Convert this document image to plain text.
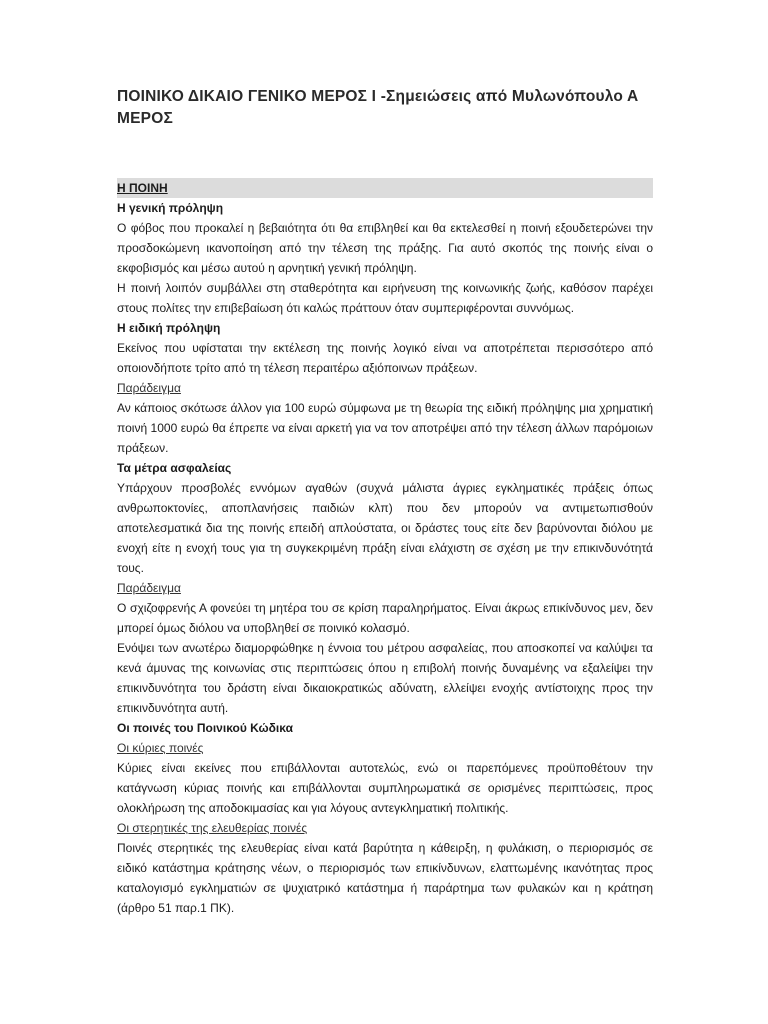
ΠΟΙΝΙΚΟ ΔΙΚΑΙΟ ΓΕΝΙΚΟ ΜΕΡΟΣ Ι -Σημειώσεις από Μυλωνόπουλο Α ΜΕΡΟΣ
Η ΠΟΙΝΗ
Η γενική πρόληψη

Ο φόβος που προκαλεί η βεβαιότητα ότι θα επιβληθεί και θα εκτελεσθεί η ποινή εξουδετερώνει την προσδοκώμενη ικανοποίηση από την τέλεση της πράξης. Για αυτό σκοπός της ποινής είναι ο εκφοβισμός και μέσω αυτού η αρνητική γενική πρόληψη.

Η ποινή λοιπόν συμβάλλει στη σταθερότητα και ειρήνευση της κοινωνικής ζωής, καθόσον παρέχει στους πολίτες την επιβεβαίωση ότι καλώς πράττουν όταν συμπεριφέρονται συννόμως.

Η ειδική πρόληψη

Εκείνος που υφίσταται την εκτέλεση της ποινής λογικό είναι να αποτρέπεται περισσότερο από οποιονδήποτε τρίτο από τη τέλεση περαιτέρω αξιόποινων πράξεων.

Παράδειγμα

Αν κάποιος σκότωσε άλλον για 100 ευρώ σύμφωνα με τη θεωρία της ειδική πρόληψης μια χρηματική ποινή 1000 ευρώ θα έπρεπε να είναι αρκετή για να τον αποτρέψει από την τέλεση άλλων παρόμοιων πράξεων.

Τα μέτρα ασφαλείας

Υπάρχουν προσβολές εννόμων αγαθών (συχνά μάλιστα άγριες εγκληματικές πράξεις όπως ανθρωποκτονίες, αποπλανήσεις παιδιών κλπ) που δεν μπορούν να αντιμετωπισθούν αποτελεσματικά δια της ποινής επειδή απλούστατα, οι δράστες τους είτε δεν βαρύνονται διόλου με ενοχή είτε η ενοχή τους για τη συγκεκριμένη πράξη είναι ελάχιστη σε σχέση με την επικινδυνότητά τους.

Παράδειγμα

Ο σχιζοφρενής Α φονεύει τη μητέρα του σε κρίση παραληρήματος. Είναι άκρως επικίνδυνος μεν, δεν μπορεί όμως διόλου να υποβληθεί σε ποινικό κολασμό.

Ενόψει των ανωτέρω διαμορφώθηκε η έννοια του μέτρου ασφαλείας, που αποσκοπεί να καλύψει τα κενά άμυνας της κοινωνίας στις περιπτώσεις όπου η επιβολή ποινής δυναμένης να εξαλείψει την επικινδυνότητα του δράστη είναι δικαιοκρατικώς αδύνατη, ελλείψει ενοχής αντίστοιχης προς την επικινδυνότητα αυτή.

Οι ποινές του Ποινικού Κώδικα
Οι κύριες ποινές

Κύριες είναι εκείνες που επιβάλλονται αυτοτελώς, ενώ οι παρεπόμενες προϋποθέτουν την κατάγνωση κύριας ποινής και επιβάλλονται συμπληρωματικά σε ορισμένες περιπτώσεις, προς ολοκλήρωση της αποδοκιμασίας και για λόγους αντεγκληματική πολιτικής.

Οι στερητικές της ελευθερίας ποινές

Ποινές στερητικές της ελευθερίας είναι κατά βαρύτητα η κάθειρξη, η φυλάκιση, ο περιορισμός σε ειδικό κατάστημα κράτησης νέων, ο περιορισμός των επικίνδυνων, ελαττωμένης ικανότητας προς καταλογισμό εγκληματιών σε ψυχιατρικό κατάστημα ή παράρτημα των φυλακών και η κράτηση (άρθρο 51 παρ.1 ΠΚ).
